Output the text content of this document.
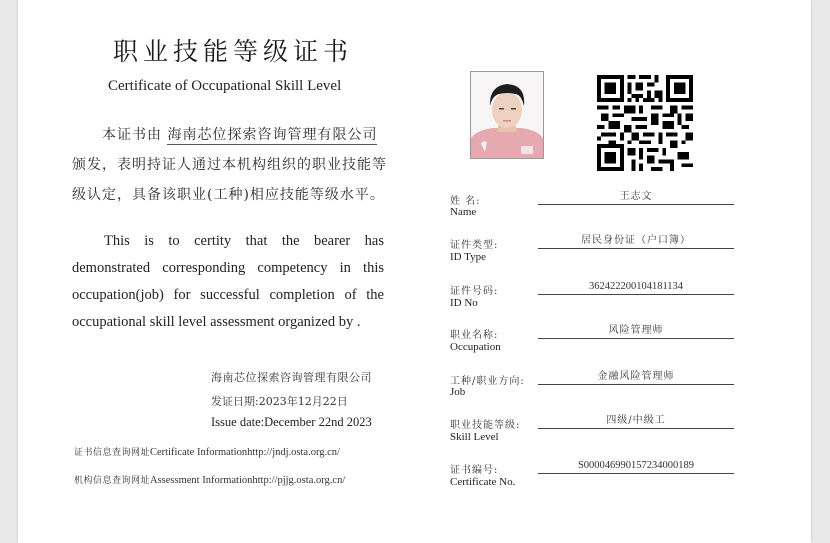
职业技能等级证书
Certificate of Occupational Skill Level
本证书由 海南芯位探索咨询管理有限公司 颁发，表明持证人通过本机构组织的职业技能等级认定，具备该职业(工种)相应技能等级水平。
This is to certity that the bearer has demonstrated corresponding competency in this occupation(job) for successful completion of the occupational skill level assessment organized by .
海南芯位探索咨询管理有限公司
发证日期:2023年12月22日
Issue date:December 22nd 2023
证书信息查询网址Certificate Informationhttp://jndj.osta.org.cn/
机构信息查询网址Assessment Informationhttp://pjjg.osta.org.cn/
姓 名:
Name
王志文
证件类型:
ID Type
居民身份证（户口簿）
证件号码:
ID No
362422200104181134
职业名称:
Occupation
风险管理师
工种/职业方向:
Job
金融风险管理师
职业技能等级:
Skill Level
四级/中级工
证书编号:
Certificate No.
S000046990157234000189
